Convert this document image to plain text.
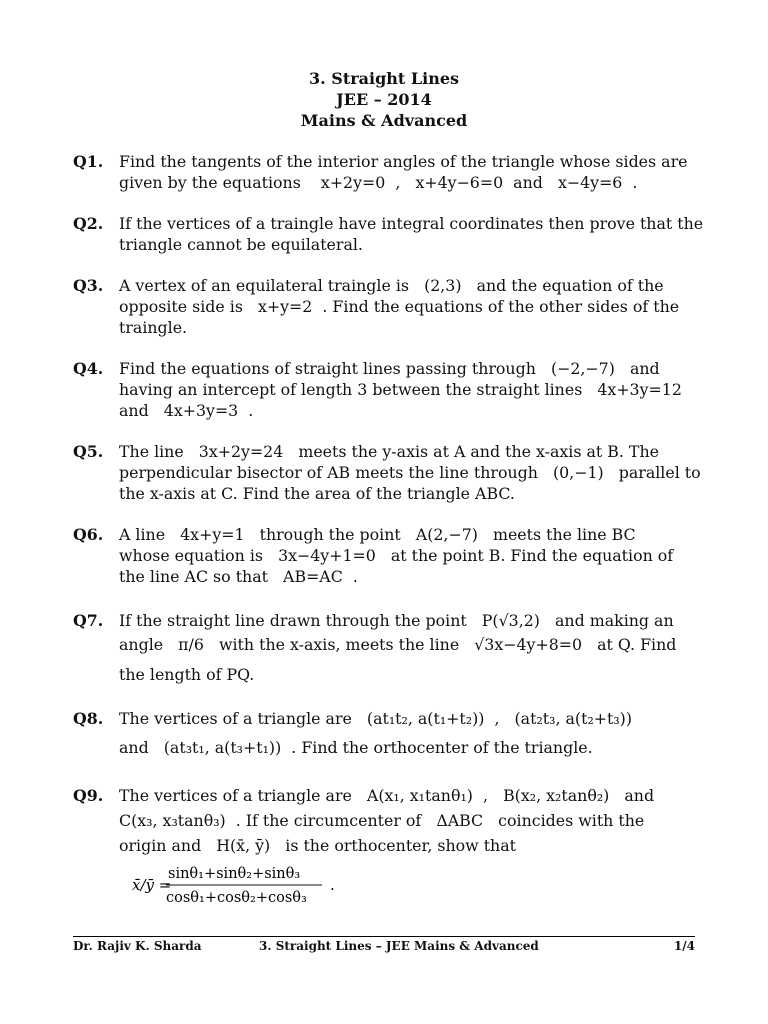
3. Straight Lines
JEE – 2014
Mains & Advanced
Q1. Find the tangents of the interior angles of the triangle whose sides are
given by the equations    x+2y=0  ,   x+4y−6=0  and   x−4y=6  .
Q2. If the vertices of a traingle have integral coordinates then prove that the
triangle cannot be equilateral.
Q3. A vertex of an equilateral traingle is   (2,3)   and the equation of the
opposite side is   x+y=2  . Find the equations of the other sides of the
traingle.
Q4. Find the equations of straight lines passing through   (−2,−7)   and
having an intercept of length 3 between the straight lines   4x+3y=12
and   4x+3y=3  .
Q5. The line   3x+2y=24   meets the y-axis at A and the x-axis at B. The
perpendicular bisector of AB meets the line through   (0,−1)   parallel to
the x-axis at C. Find the area of the triangle ABC.
Q6. A line   4x+y=1   through the point   A(2,−7)   meets the line BC
whose equation is   3x−4y+1=0   at the point B. Find the equation of
the line AC so that   AB=AC  .
Q7. If the straight line drawn through the point   P(√3,2)   and making an
angle   π/6   with the x-axis, meets the line   √3x−4y+8=0   at Q. Find
the length of PQ.
Q8. The vertices of a triangle are   (at₁t₂, a(t₁+t₂))  ,   (at₂t₃, a(t₂+t₃))
and   (at₃t₁, a(t₃+t₁))  . Find the orthocenter of the triangle.
Q9. The vertices of a triangle are   A(x₁, x₁tanθ₁)  ,   B(x₂, x₂tanθ₂)   and
C(x₃, x₃tanθ₃)  . If the circumcenter of   ΔABC   coincides with the
origin and   H(x̄, ȳ)   is the orthocenter, show that
x̄/ȳ =
sinθ₁+sinθ₂+sinθ₃
cosθ₁+cosθ₂+cosθ₃
.
Dr. Rajiv K. Sharda	3. Straight Lines – JEE Mains & Advanced	1/4
